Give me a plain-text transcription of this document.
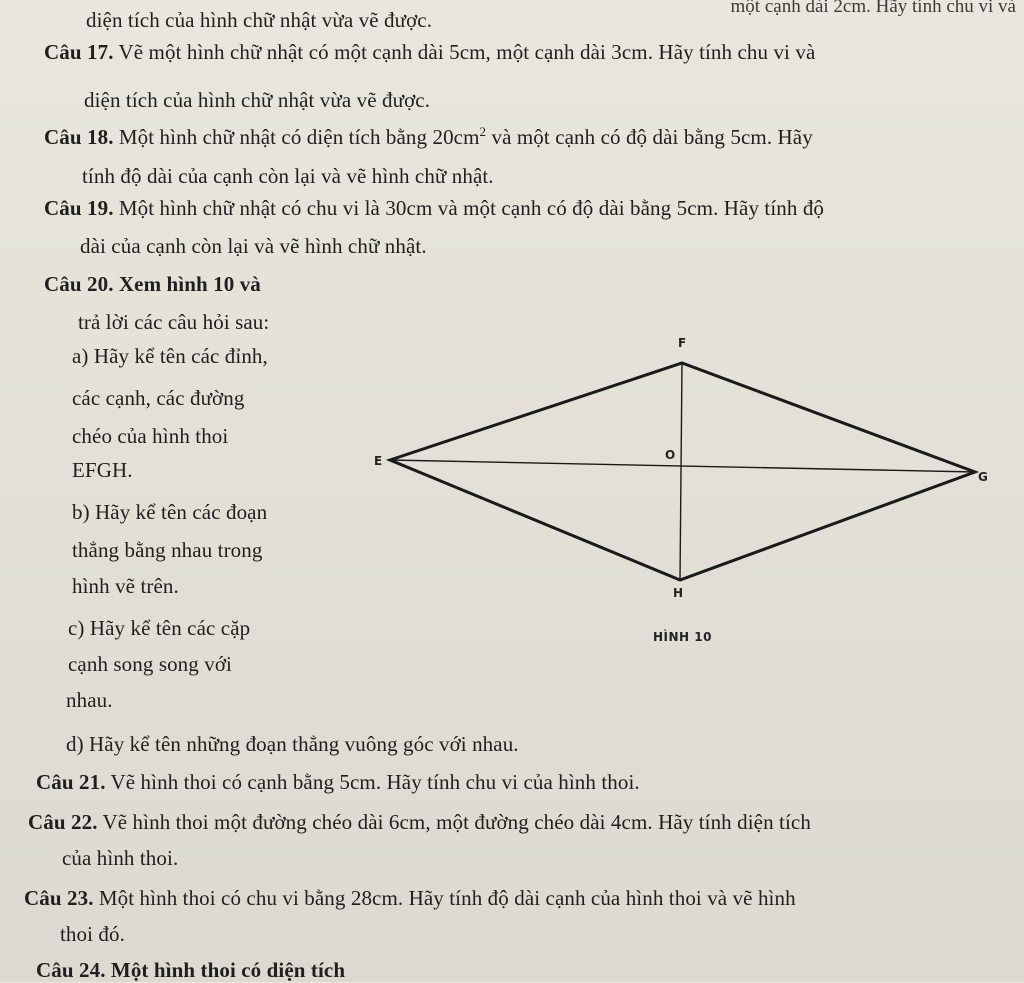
một cạnh dài 2cm. Hãy tính chu vi và
diện tích của hình chữ nhật vừa vẽ được.
Câu 17. Vẽ một hình chữ nhật có một cạnh dài 5cm, một cạnh dài 3cm. Hãy tính chu vi và
diện tích của hình chữ nhật vừa vẽ được.
Câu 18. Một hình chữ nhật có diện tích bằng $20cm^2$ và một cạnh có độ dài bằng 5cm. Hãy
tính độ dài của cạnh còn lại và vẽ hình chữ nhật.
Câu 19. Một hình chữ nhật có chu vi là 30cm và một cạnh có độ dài bằng 5cm. Hãy tính độ
dài của cạnh còn lại và vẽ hình chữ nhật.
Câu 20. Xem hình 10 và
trả lời các câu hỏi sau:
a) Hãy kể tên các đỉnh,
các cạnh, các đường
chéo của hình thoi
EFGH.
b) Hãy kể tên các đoạn
thẳng bằng nhau trong
hình vẽ trên.
c) Hãy kể tên các cặp
cạnh song song với
nhau.
d) Hãy kể tên những đoạn thẳng vuông góc với nhau.
F
E	O
G
H
HÌNH 10
Câu 21. Vẽ hình thoi có cạnh bằng 5cm. Hãy tính chu vi của hình thoi.
Câu 22. Vẽ hình thoi một đường chéo dài 6cm, một đường chéo dài 4cm. Hãy tính diện tích
của hình thoi.
Câu 23. Một hình thoi có chu vi bằng 28cm. Hãy tính độ dài cạnh của hình thoi và vẽ hình
thoi đó.
Câu 24. Một hình thoi có diện tích
